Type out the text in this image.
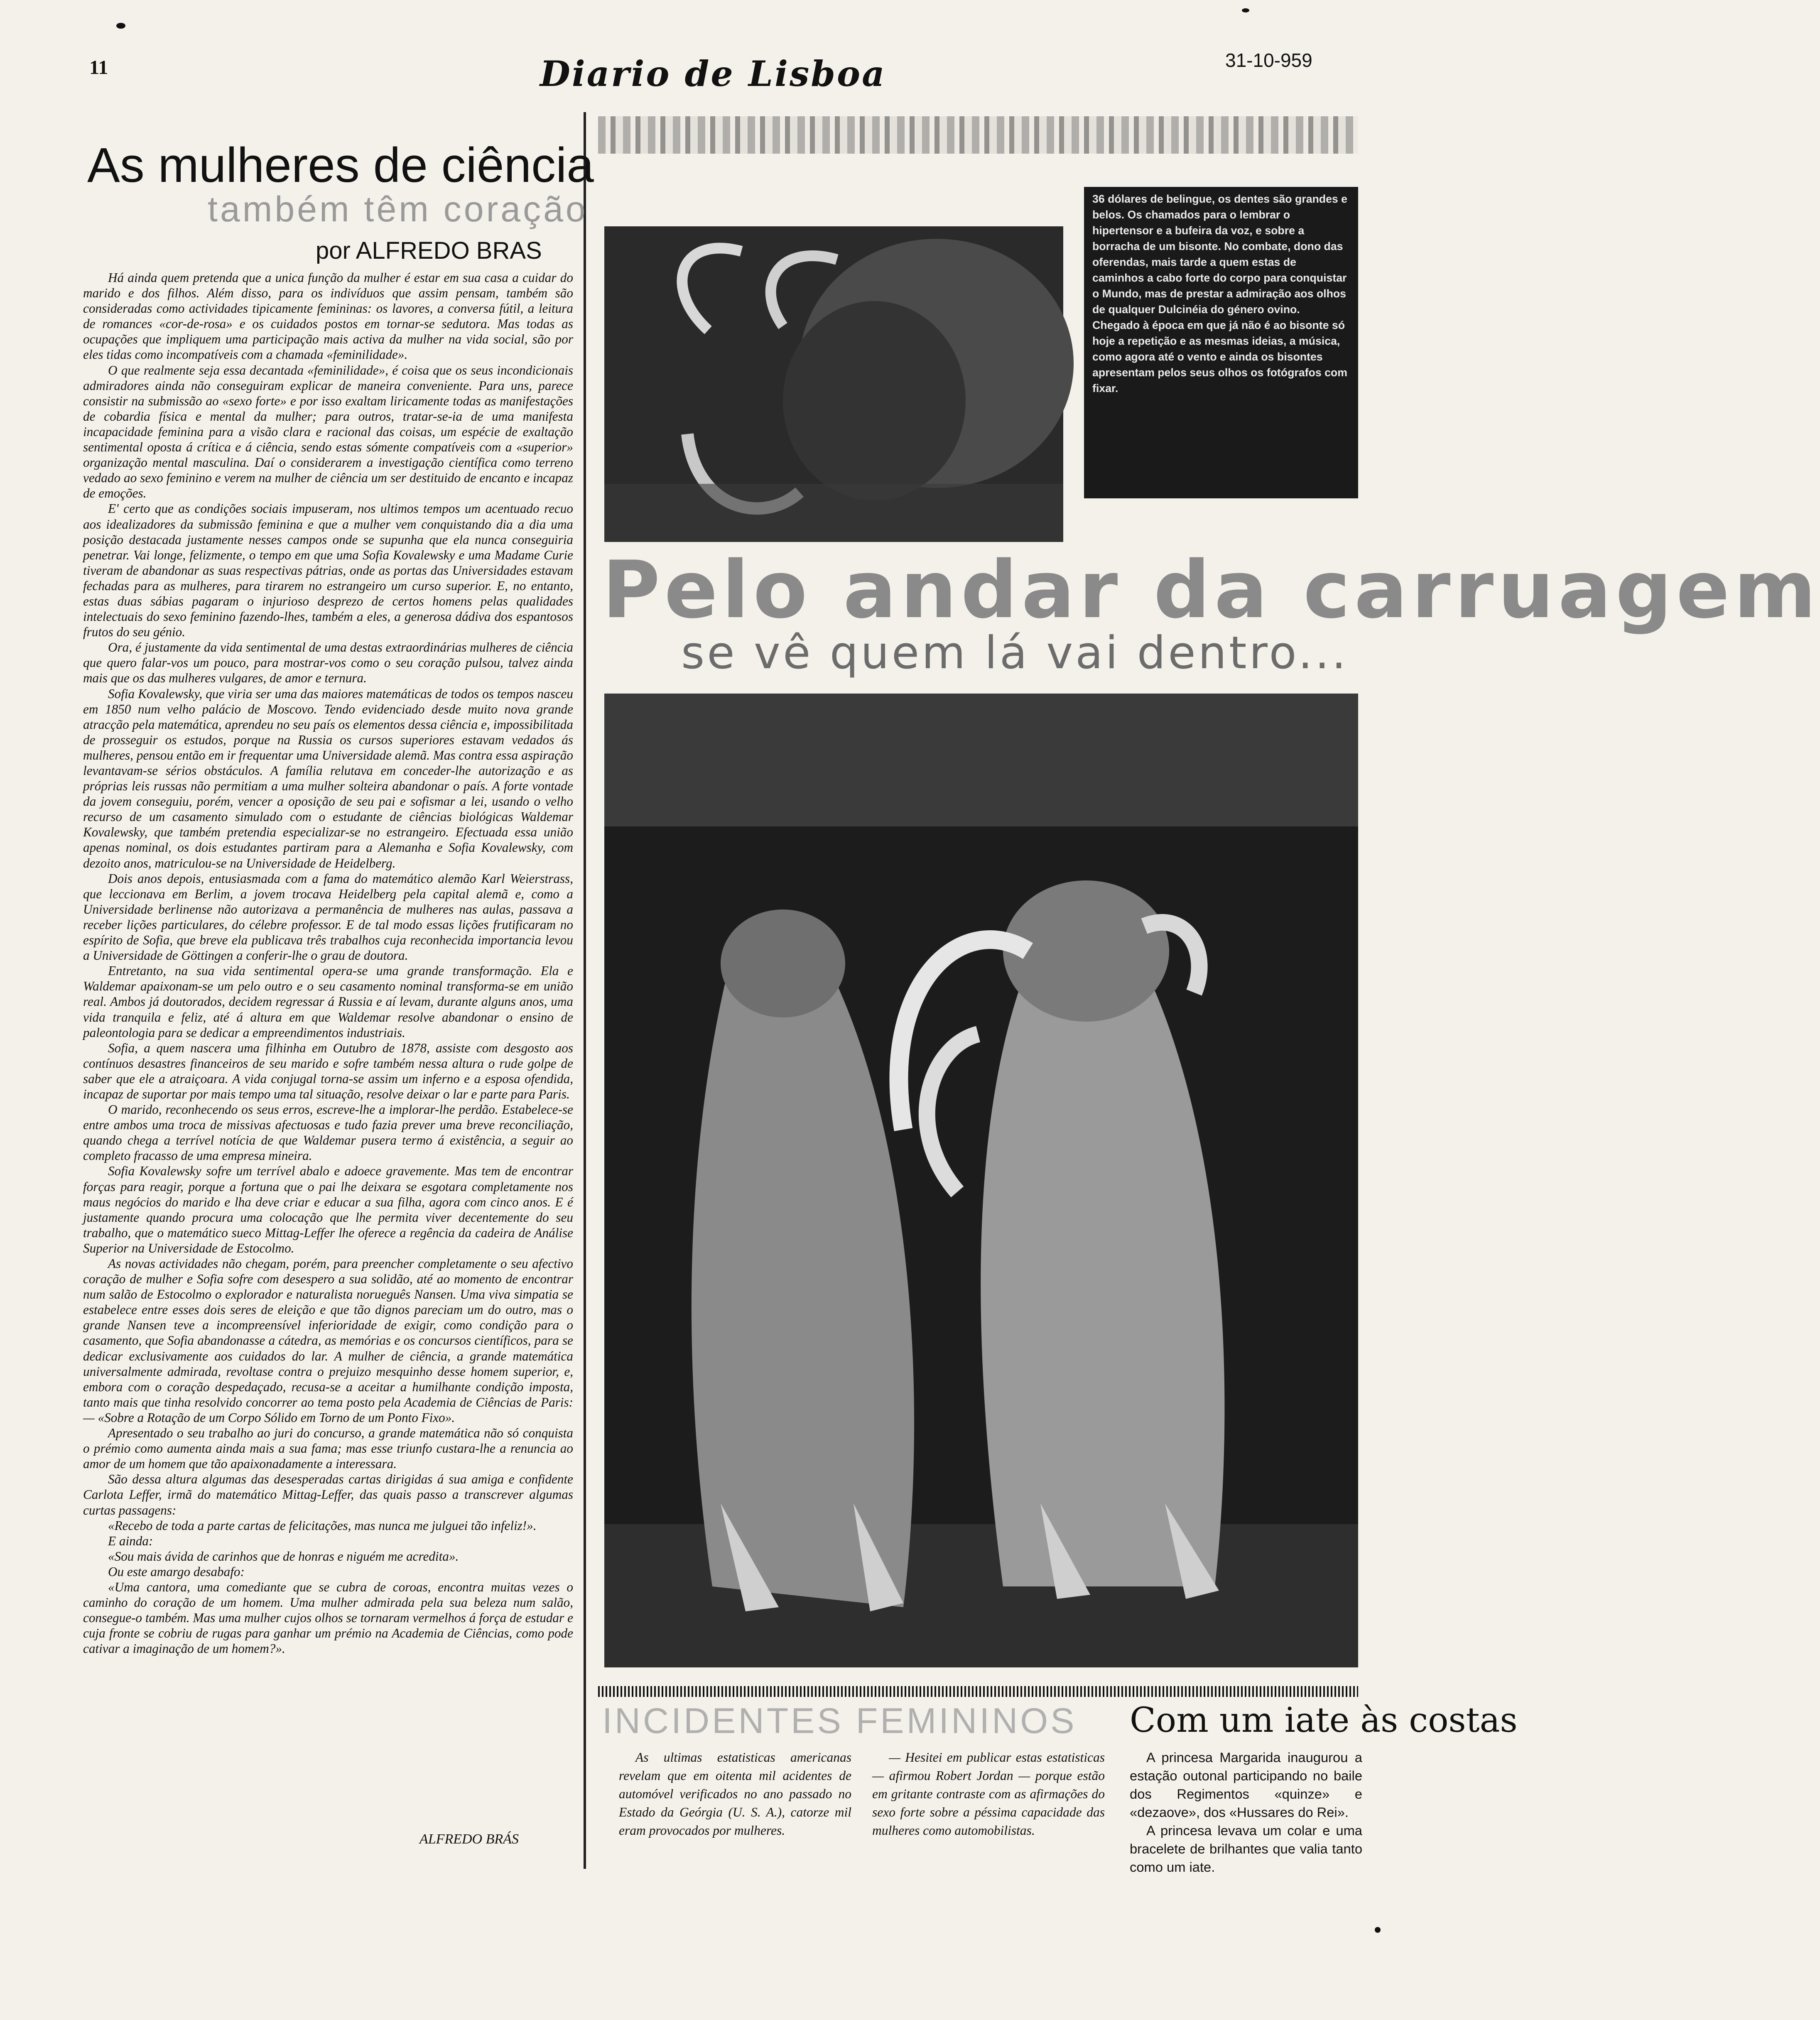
11	Diario de Lisboa	31-10-959
As mulheres de ciência
também têm coração
por ALFREDO BRAS

Há ainda quem pretenda que a unica função da mulher é estar em sua casa a cuidar do marido e dos filhos. Além disso, para os indivíduos que assim pensam, também são consideradas como actividades tipicamente femininas: os lavores, a conversa fútil, a leitura de romances «cor-de-rosa» e os cuidados postos em tornar-se sedutora. Mas todas as ocupações que impliquem uma participação mais activa da mulher na vida social, são por eles tidas como incompatíveis com a chamada «feminilidade».

O que realmente seja essa decantada «feminilidade», é coisa que os seus incondicionais admiradores ainda não conseguiram explicar de maneira conveniente. Para uns, parece consistir na submissão ao «sexo forte» e por isso exaltam liricamente todas as manifestações de cobardia física e mental da mulher; para outros, tratar-se-ia de uma manifesta incapacidade feminina para a visão clara e racional das coisas, um espécie de exaltação sentimental oposta á crítica e á ciência, sendo estas sómente compatíveis com a «superior» organização mental masculina. Daí o considerarem a investigação científica como terreno vedado ao sexo feminino e verem na mulher de ciência um ser destituido de encanto e incapaz de emoções.

E' certo que as condições sociais impuseram, nos ultimos tempos um acentuado recuo aos idealizadores da submissão feminina e que a mulher vem conquistando dia a dia uma posição destacada justamente nesses campos onde se supunha que ela nunca conseguiria penetrar. Vai longe, felizmente, o tempo em que uma Sofia Kovalewsky e uma Madame Curie tiveram de abandonar as suas respectivas pátrias, onde as portas das Universidades estavam fechadas para as mulheres, para tirarem no estrangeiro um curso superior. E, no entanto, estas duas sábias pagaram o injurioso desprezo de certos homens pelas qualidades intelectuais do sexo feminino fazendo-lhes, também a eles, a generosa dádiva dos espantosos frutos do seu génio.

Ora, é justamente da vida sentimental de uma destas extraordinárias mulheres de ciência que quero falar-vos um pouco, para mostrar-vos como o seu coração pulsou, talvez ainda mais que os das mulheres vulgares, de amor e ternura.

Sofia Kovalewsky, que viria ser uma das maiores matemáticas de todos os tempos nasceu em 1850 num velho palácio de Moscovo. Tendo evidenciado desde muito nova grande atracção pela matemática, aprendeu no seu país os elementos dessa ciência e, impossibilitada de prosseguir os estudos, porque na Russia os cursos superiores estavam vedados ás mulheres, pensou então em ir frequentar uma Universidade alemã. Mas contra essa aspiração levantavam-se sérios obstáculos. A família relutava em conceder-lhe autorização e as próprias leis russas não permitiam a uma mulher solteira abandonar o país. A forte vontade da jovem conseguiu, porém, vencer a oposição de seu pai e sofismar a lei, usando o velho recurso de um casamento simulado com o estudante de ciências biológicas Waldemar Kovalewsky, que também pretendia especializar-se no estrangeiro. Efectuada essa união apenas nominal, os dois estudantes partiram para a Alemanha e Sofia Kovalewsky, com dezoito anos, matriculou-se na Universidade de Heidelberg.

Dois anos depois, entusiasmada com a fama do matemático alemão Karl Weierstrass, que leccionava em Berlim, a jovem trocava Heidelberg pela capital alemã e, como a Universidade berlinense não autorizava a permanência de mulheres nas aulas, passava a receber lições particulares, do célebre professor. E de tal modo essas lições frutificaram no espírito de Sofia, que breve ela publicava três trabalhos cuja reconhecida importancia levou a Universidade de Göttingen a conferir-lhe o grau de doutora.

Entretanto, na sua vida sentimental opera-se uma grande transformação. Ela e Waldemar apaixonam-se um pelo outro e o seu casamento nominal transforma-se em união real. Ambos já doutorados, decidem regressar á Russia e aí levam, durante alguns anos, uma vida tranquila e feliz, até á altura em que Waldemar resolve abandonar o ensino de paleontologia para se dedicar a empreendimentos industriais.

Sofia, a quem nascera uma filhinha em Outubro de 1878, assiste com desgosto aos contínuos desastres financeiros de seu marido e sofre também nessa altura o rude golpe de saber que ele a atraiçoara. A vida conjugal torna-se assim um inferno e a esposa ofendida, incapaz de suportar por mais tempo uma tal situação, resolve deixar o lar e parte para Paris.

O marido, reconhecendo os seus erros, escreve-lhe a implorar-lhe perdão. Estabelece-se entre ambos uma troca de missivas afectuosas e tudo fazia prever uma breve reconciliação, quando chega a terrível notícia de que Waldemar pusera termo á existência, a seguir ao completo fracasso de uma empresa mineira.

Sofia Kovalewsky sofre um terrível abalo e adoece gravemente. Mas tem de encontrar forças para reagir, porque a fortuna que o pai lhe deixara se esgotara completamente nos maus negócios do marido e lha deve criar e educar a sua filha, agora com cinco anos. E é justamente quando procura uma colocação que lhe permita viver decentemente do seu trabalho, que o matemático sueco Mittag-Leffer lhe oferece a regência da cadeira de Análise Superior na Universidade de Estocolmo.

As novas actividades não chegam, porém, para preencher completamente o seu afectivo coração de mulher e Sofia sofre com desespero a sua solidão, até ao momento de encontrar num salão de Estocolmo o explorador e naturalista norueguês Nansen. Uma viva simpatia se estabelece entre esses dois seres de eleição e que tão dignos pareciam um do outro, mas o grande Nansen teve a incompreensível inferioridade de exigir, como condição para o casamento, que Sofia abandonasse a cátedra, as memórias e os concursos científicos, para se dedicar exclusivamente aos cuidados do lar. A mulher de ciência, a grande matemática universalmente admirada, revoltase contra o prejuizo mesquinho desse homem superior, e, embora com o coração despedaçado, recusa-se a aceitar a humilhante condição imposta, tanto mais que tinha resolvido concorrer ao tema posto pela Academia de Ciências de Paris: — «Sobre a Rotação de um Corpo Sólido em Torno de um Ponto Fixo».

Apresentado o seu trabalho ao juri do concurso, a grande matemática não só conquista o prémio como aumenta ainda mais a sua fama; mas esse triunfo custara-lhe a renuncia ao amor de um homem que tão apaixonadamente a interessara.

São dessa altura algumas das desesperadas cartas dirigidas á sua amiga e confidente Carlota Leffer, irmã do matemático Mittag-Leffer, das quais passo a transcrever algumas curtas passagens:

«Recebo de toda a parte cartas de felicitações, mas nunca me julguei tão infeliz!».

E ainda:

«Sou mais ávida de carinhos que de honras e niguém me acredita».

Ou este amargo desabafo:

«Uma cantora, uma comediante que se cubra de coroas, encontra muitas vezes o caminho do coração de um homem. Uma mulher admirada pela sua beleza num salão, consegue-o também. Mas uma mulher cujos olhos se tornaram vermelhos á força de estudar e cuja fronte se cobriu de rugas para ganhar um prémio na Academia de Ciências, como pode cativar a imaginação de um homem?».

ALFREDO BRÁS
36 dólares de belingue, os dentes são grandes e belos. Os chamados para o lembrar o hipertensor e a bufeira da voz, e sobre a borracha de um bisonte. No combate, dono das oferendas, mais tarde a quem estas de caminhos a cabo forte do corpo para conquistar o Mundo, mas de prestar a admiração aos olhos de qualquer Dulcinéia do género ovino. Chegado à época em que já não é ao bisonte só hoje a repetição e as mesmas ideias, a música, como agora até o vento e ainda os bisontes apresentam pelos seus olhos os fotógrafos com fixar.
Pelo andar da carruagem
se vê quem lá vai dentro...
INCIDENTES FEMININOS Com um iate às costas

As ultimas estatisticas americanas revelam que em oitenta mil acidentes de automóvel verificados no ano passado no Estado da Geórgia (U. S. A.), catorze mil eram provocados por mulheres.

— Hesitei em publicar estas estatisticas — afirmou Robert Jordan — porque estão em gritante contraste com as afirmações do sexo forte sobre a péssima capacidade das mulheres como automobilistas.

A princesa Margarida inaugurou a estação outonal participando no baile dos Regimentos «quinze» e «dezaove», dos «Hussares do Rei».

A princesa levava um colar e uma bracelete de brilhantes que valia tanto como um iate.
